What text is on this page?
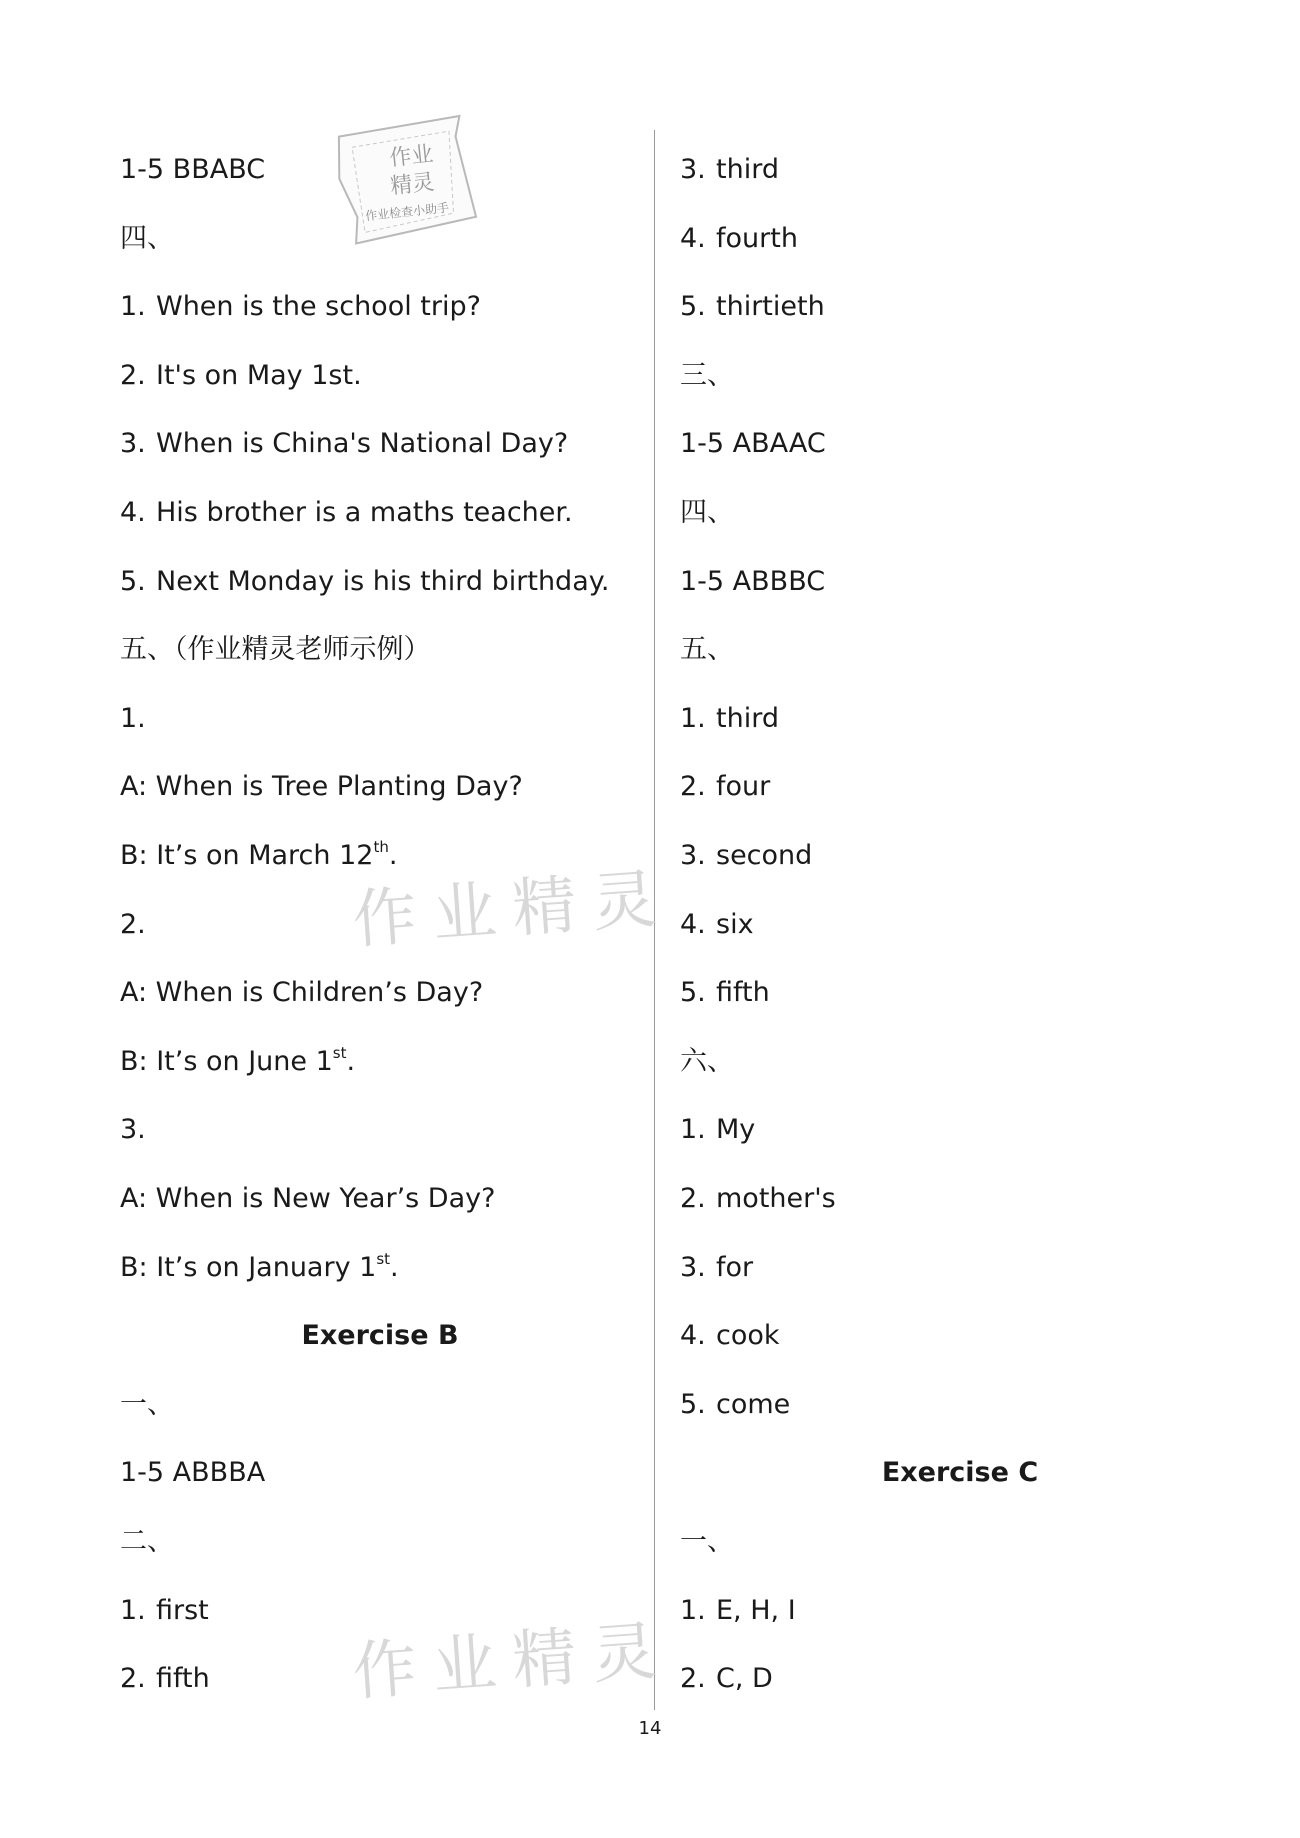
1-5 BBABC
四、
1. When is the school trip?
2. It's on May 1st.
3. When is China's National Day?
4. His brother is a maths teacher.
5. Next Monday is his third birthday.
五、（作业精灵老师示例）
1.
A: When is Tree Planting Day?
B: It’s on March 12th.
2.
A: When is Children’s Day?
B: It’s on June 1st.
3.
A: When is New Year’s Day?
B: It’s on January 1st.
Exercise B
一、
1-5 ABBBA
二、
1. first
2. fifth
3. third
4. fourth
5. thirtieth
三、
1-5 ABAAC
四、
1-5 ABBBC
五、
1. third
2. four
3. second
4. six
5. fifth
六、
1. My
2. mother's
3. for
4. cook
5. come
Exercise C
一、
1. E, H, I
2. C, D
作业
精灵
作业检查小助手
作业精灵
作业精灵
14
